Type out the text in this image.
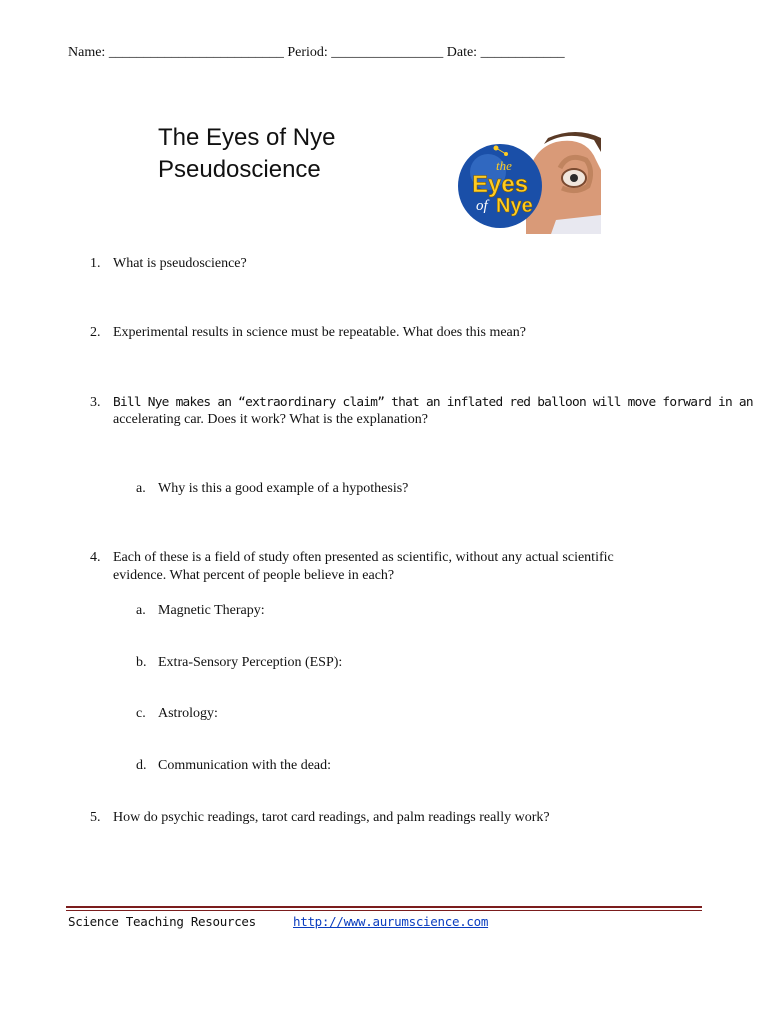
Name: _________________________ Period: ________________ Date: ____________
The Eyes of Nye
Pseudoscience	the
Eyes
of Nye
1. What is pseudoscience?
2. Experimental results in science must be repeatable. What does this mean?
3. Bill Nye makes an “extraordinary claim” that an inflated red balloon will move forward in an
accelerating car. Does it work? What is the explanation?
a. Why is this a good example of a hypothesis?
4. Each of these is a field of study often presented as scientific, without any actual scientific
evidence. What percent of people believe in each?
a. Magnetic Therapy:
b. Extra-Sensory Perception (ESP):
c. Astrology:
d. Communication with the dead:
5. How do psychic readings, tarot card readings, and palm readings really work?
Science Teaching Resources	http://www.aurumscience.com
